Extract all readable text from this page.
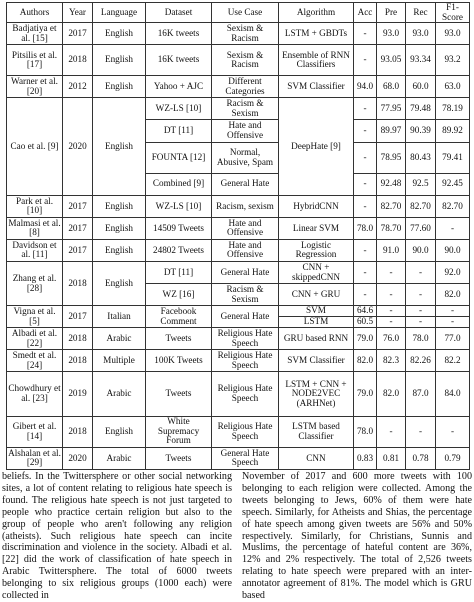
Authors	Year	Language	Dataset	Use Case	Algorithm	Acc	Pre	Rec	F1-Score
Badjatiya et al. [15]	2017	English	16K tweets	Sexism & Racism	LSTM + GBDTs	-	93.0	93.0	93.0
Pitsilis et al. [17]	2018	English	16K tweets	Sexism & Racism	Ensemble of RNN Classifiers	-	93.05	93.34	93.2
Warner et al. [20]	2012	English	Yahoo + AJC	Different Categories	SVM Classifier	94.0	68.0	60.0	63.0
Cao et al. [9]	2020	English	WZ-LS [10]	Racism & Sexism	DeepHate [9]	-	77.95	79.48	78.19
			DT [11]	Hate and Offensive		-	89.97	90.39	89.92
			FOUNTA [12]	Normal, Abusive, Spam		-	78.95	80.43	79.41
			Combined [9]	General Hate		-	92.48	92.5	92.45
Park et al. [10]	2017	English	WZ-LS [10]	Racism, sexism	HybridCNN	-	82.70	82.70	82.70
Malmasi et al. [8]	2017	English	14509 Tweets	Hate and Offensive	Linear SVM	78.0	78.70	77.60	-
Davidson et al. [11]	2017	English	24802 Tweets	Hate and Offensive	Logistic Regression	-	91.0	90.0	90.0
Zhang et al. [28]	2018	English	DT [11]	General Hate	CNN + skippedCNN	-	-	-	92.0
			WZ [16]	Racism & Sexism	CNN + GRU	-	-	-	82.0
Vigna et al. [5]	2017	Italian	Facebook Comment	General Hate	SVM	64.6	-	-	-
					LSTM	60.5	-	-	-
Albadi et al. [22]	2018	Arabic	Tweets	Religious Hate Speech	GRU based RNN	79.0	76.0	78.0	77.0
Smedt et al. [24]	2018	Multiple	100K Tweets	Religious Hate Speech	SVM Classifier	82.0	82.3	82.26	82.2
Chowdhury et al. [23]	2019	Arabic	Tweets	Religious Hate Speech	LSTM + CNN + NODE2VEC (ARHNet)	79.0	82.0	87.0	84.0
Gibert et al. [14]	2018	English	White Supremacy Forum	Religious Hate Speech	LSTM based Classifier	78.0	-	-	-
Alshalan et al. [29]	2020	Arabic	Tweets	General Hate Speech	CNN	0.83	0.81	0.78	0.79

beliefs. In the Twittersphere or other social networking sites, a lot of content relating to religious hate speech is found. The religious hate speech is not just targeted to people who practice certain religion but also to the group of people who aren't following any religion (atheists). Such religious hate speech can incite discrimination and violence in the society. Albadi et al. [22] did the work of classification of hate speech in Arabic Twittersphere. The total of 6000 tweets belonging to six religious groups (1000 each) were collected in

November of 2017 and 600 more tweets with 100 belonging to each religion were collected. Among the tweets belonging to Jews, 60% of them were hate speech. Similarly, for Atheists and Shias, the percentage of hate speech among given tweets are 56% and 50% respectively. Similarly, for Christians, Sunnis and Muslims, the percentage of hateful content are 36%, 12% and 2% respectively. The total of 2,526 tweets relating to hate speech were prepared with an inter-annotator agreement of 81%. The model which is GRU based
